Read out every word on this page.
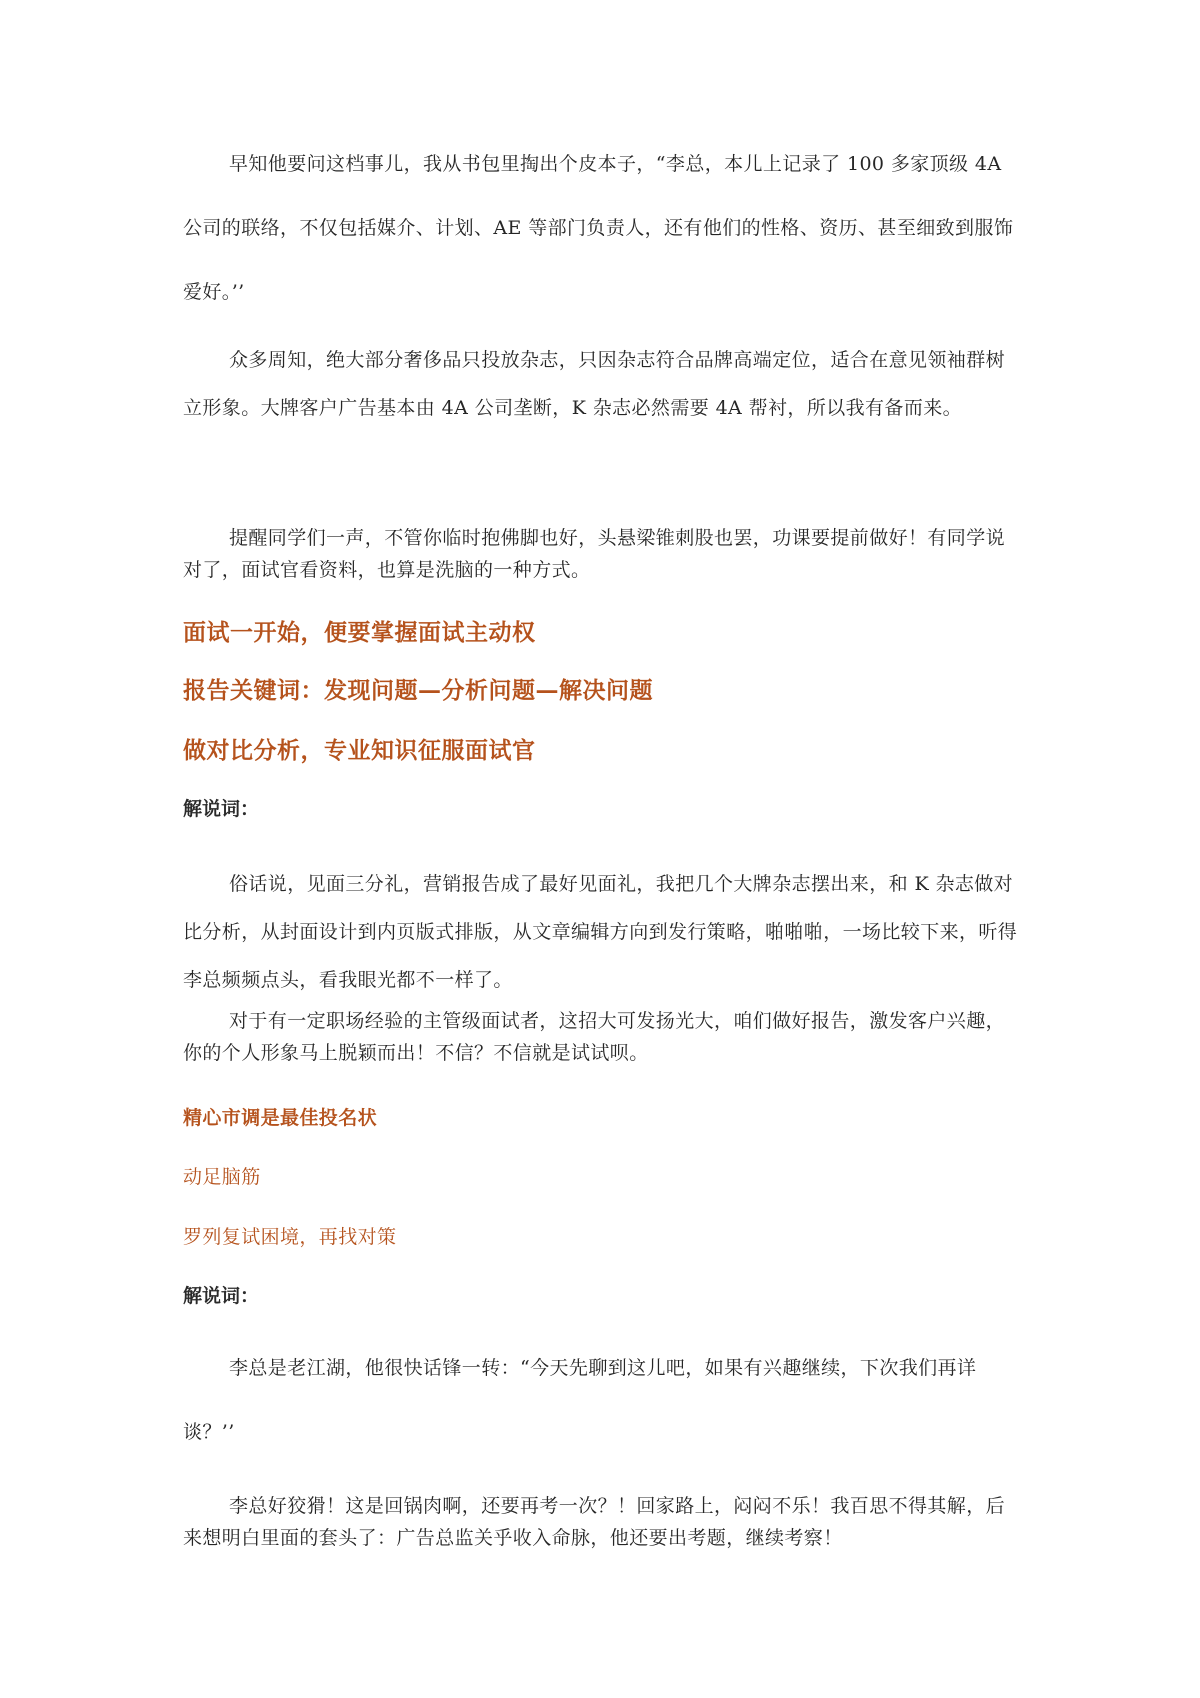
早知他要问这档事儿，我从书包里掏出个皮本子，“李总，本儿上记录了 100 多家顶级 4A 公司的联络，不仅包括媒介、计划、AE 等部门负责人，还有他们的性格、资历、甚至细致到服饰爱好。’’

众多周知，绝大部分奢侈品只投放杂志，只因杂志符合品牌高端定位，适合在意见领袖群树立形象。大牌客户广告基本由 4A 公司垄断，K 杂志必然需要 4A 帮衬，所以我有备而来。

提醒同学们一声，不管你临时抱佛脚也好，头悬梁锥刺股也罢，功课要提前做好！有同学说对了，面试官看资料，也算是洗脑的一种方式。

面试一开始，便要掌握面试主动权
报告关键词：发现问题—分析问题—解决问题
做对比分析，专业知识征服面试官

解说词：

俗话说，见面三分礼，营销报告成了最好见面礼，我把几个大牌杂志摆出来，和 K 杂志做对比分析，从封面设计到内页版式排版，从文章编辑方向到发行策略，啪啪啪，一场比较下来，听得李总频频点头，看我眼光都不一样了。

对于有一定职场经验的主管级面试者，这招大可发扬光大，咱们做好报告，激发客户兴趣，你的个人形象马上脱颖而出！不信？不信就是试试呗。

精心市调是最佳投名状

动足脑筋

罗列复试困境，再找对策

解说词：

李总是老江湖，他很快话锋一转：“今天先聊到这儿吧，如果有兴趣继续，下次我们再详谈？’’

李总好狡猾！这是回锅肉啊，还要再考一次？！回家路上，闷闷不乐！我百思不得其解，后来想明白里面的套头了：广告总监关乎收入命脉，他还要出考题，继续考察！
